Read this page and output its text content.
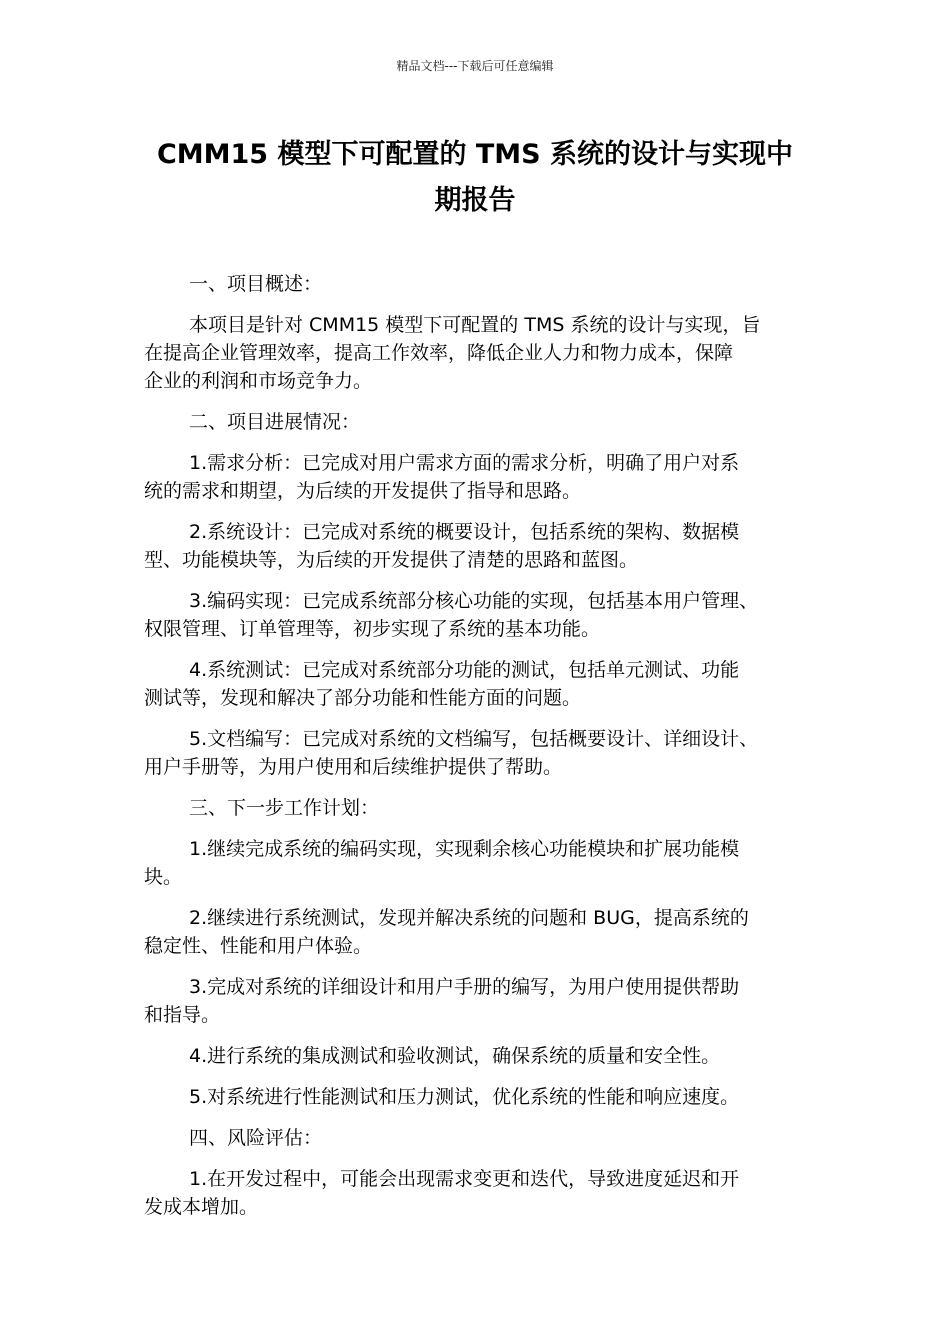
精品文档---下载后可任意编辑
CMM15 模型下可配置的 TMS 系统的设计与实现中
期报告

一、项目概述：

本项目是针对 CMM15 模型下可配置的 TMS 系统的设计与实现，旨
在提高企业管理效率，提高工作效率，降低企业人力和物力成本，保障
企业的利润和市场竞争力。

二、项目进展情况：

1.需求分析：已完成对用户需求方面的需求分析，明确了用户对系
统的需求和期望，为后续的开发提供了指导和思路。

2.系统设计：已完成对系统的概要设计，包括系统的架构、数据模
型、功能模块等，为后续的开发提供了清楚的思路和蓝图。

3.编码实现：已完成系统部分核心功能的实现，包括基本用户管理、
权限管理、订单管理等，初步实现了系统的基本功能。

4.系统测试：已完成对系统部分功能的测试，包括单元测试、功能
测试等，发现和解决了部分功能和性能方面的问题。

5.文档编写：已完成对系统的文档编写，包括概要设计、详细设计、
用户手册等，为用户使用和后续维护提供了帮助。

三、下一步工作计划：

1.继续完成系统的编码实现，实现剩余核心功能模块和扩展功能模
块。

2.继续进行系统测试，发现并解决系统的问题和 BUG，提高系统的
稳定性、性能和用户体验。

3.完成对系统的详细设计和用户手册的编写，为用户使用提供帮助
和指导。

4.进行系统的集成测试和验收测试，确保系统的质量和安全性。

5.对系统进行性能测试和压力测试，优化系统的性能和响应速度。

四、风险评估：

1.在开发过程中，可能会出现需求变更和迭代，导致进度延迟和开
发成本增加。
